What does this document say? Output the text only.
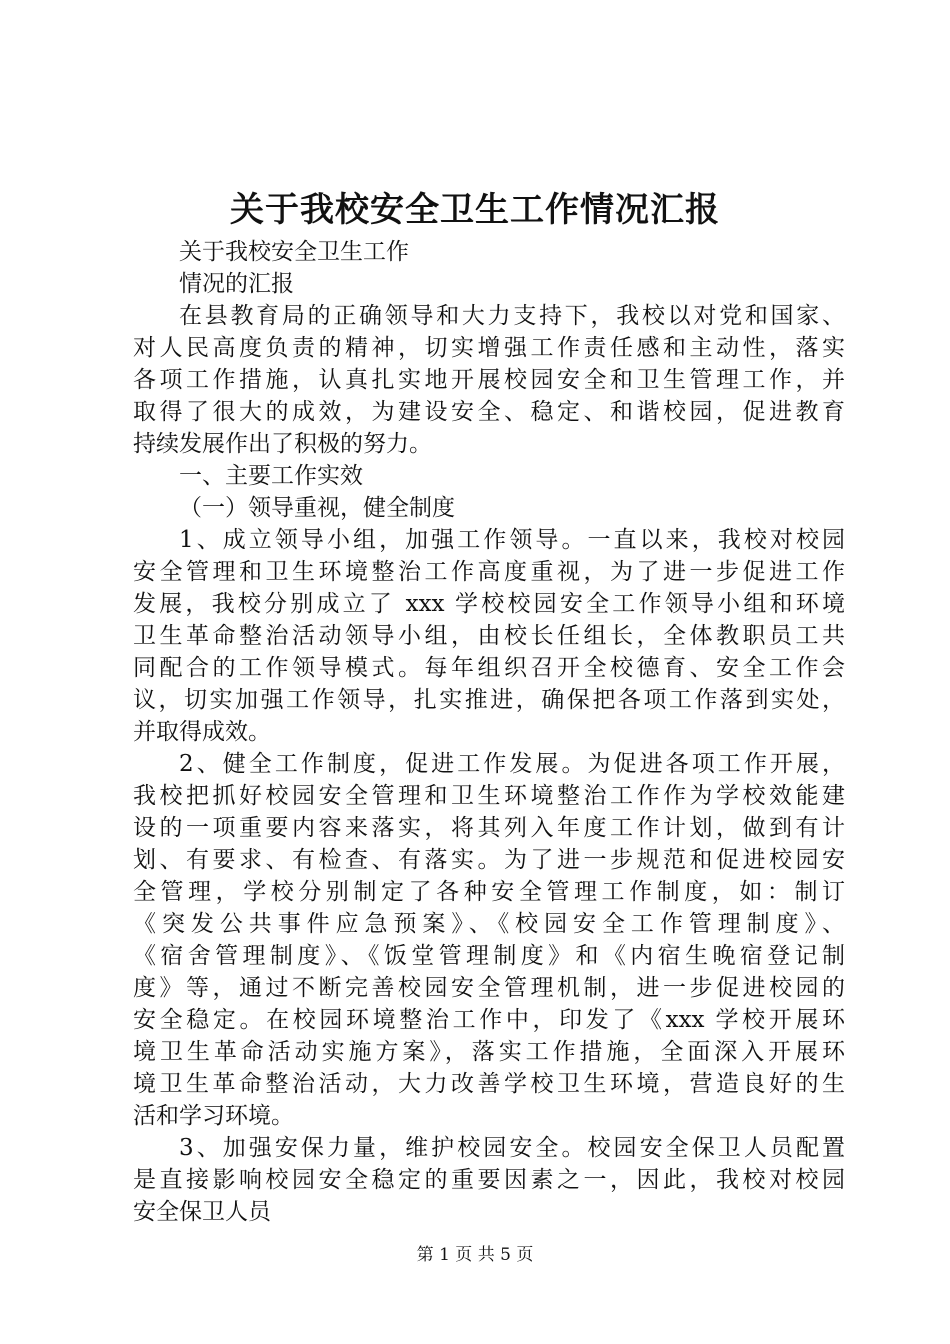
关于我校安全卫生工作情况汇报
关于我校安全卫生工作
情况的汇报
在县教育局的正确领导和大力支持下，我校以对党和国家、
对人民高度负责的精神，切实增强工作责任感和主动性，落实
各项工作措施，认真扎实地开展校园安全和卫生管理工作，并
取得了很大的成效，为建设安全、稳定、和谐校园，促进教育
持续发展作出了积极的努力。
一、主要工作实效
（一）领导重视，健全制度
1、成立领导小组，加强工作领导。一直以来，我校对校园
安全管理和卫生环境整治工作高度重视，为了进一步促进工作
发展，我校分别成立了 xxx 学校校园安全工作领导小组和环境
卫生革命整治活动领导小组，由校长任组长，全体教职员工共
同配合的工作领导模式。每年组织召开全校德育、安全工作会
议，切实加强工作领导，扎实推进，确保把各项工作落到实处，
并取得成效。
2、健全工作制度，促进工作发展。为促进各项工作开展，
我校把抓好校园安全管理和卫生环境整治工作作为学校效能建
设的一项重要内容来落实，将其列入年度工作计划，做到有计
划、有要求、有检查、有落实。为了进一步规范和促进校园安
全管理，学校分别制定了各种安全管理工作制度，如：制订
《突发公共事件应急预案》、《校园安全工作管理制度》、
《宿舍管理制度》、《饭堂管理制度》和《内宿生晚宿登记制
度》等，通过不断完善校园安全管理机制，进一步促进校园的
安全稳定。在校园环境整治工作中，印发了《xxx 学校开展环
境卫生革命活动实施方案》，落实工作措施，全面深入开展环
境卫生革命整治活动，大力改善学校卫生环境，营造良好的生
活和学习环境。
3、加强安保力量，维护校园安全。校园安全保卫人员配置
是直接影响校园安全稳定的重要因素之一，因此，我校对校园
安全保卫人员
第 1 页 共 5 页
